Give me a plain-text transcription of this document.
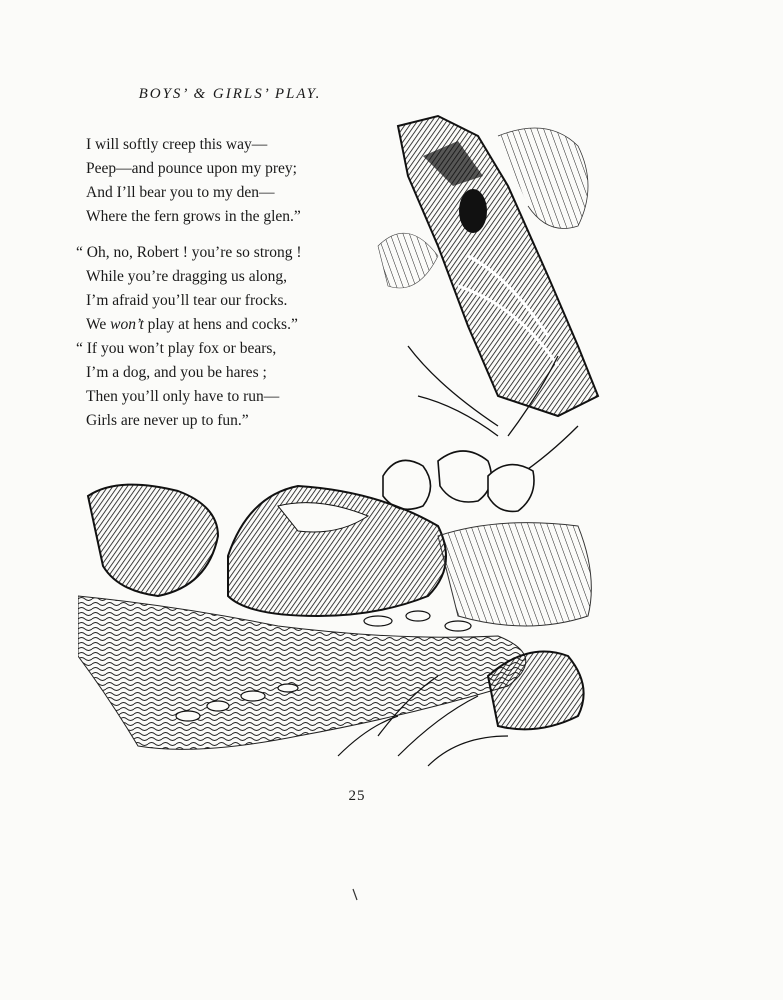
BOYS’ & GIRLS’ PLAY.
I will softly creep this way—
Peep—and pounce upon my prey;
And I’ll bear you to my den—
Where the fern grows in the glen.”
“ Oh, no, Robert ! you’re so strong !
While you’re dragging us along,
I’m afraid you’ll tear our frocks.
We won’t play at hens and cocks.”
“ If you won’t play fox or bears,
I’m a dog, and you be hares ;
Then you’ll only have to run—
Girls are never up to fun.”
25
